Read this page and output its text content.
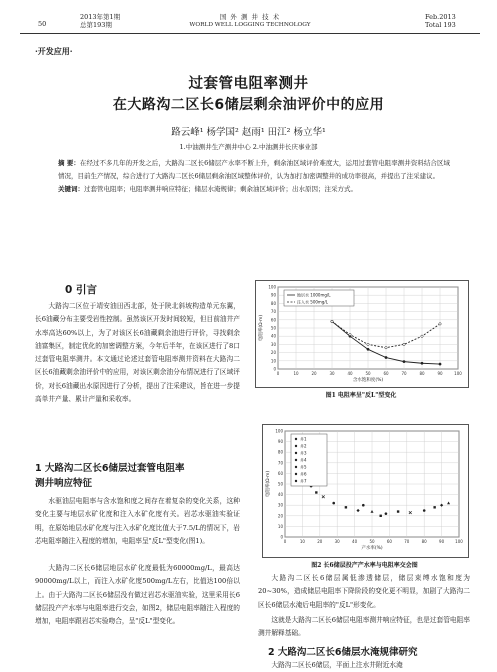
50
2013年第1期
总第193期
国 外 测 井 技 术
WORLD WELL LOGGING TECHNOLOGY
Feb.2013
Total 193
·开发应用·
过套管电阻率测井
在大路沟二区长6储层剩余油评价中的应用
路云峰¹ 杨学国² 赵雨¹ 田江² 杨立华¹
1.中油测井生产测井中心 2.中油测井长庆事业部
摘 要：在经过不多几年的开发之后，大路沟二区长6储层产水率不断上升，剩余油区域评价难度大，运用过套管电阻率测井资料结合区域情况，目前生产情况，综合进行了大路沟二区长6储层剩余油区域整体评价，认为加打加密调整井的成功率很高，并提出了注采建议。
关键词：过套管电阻率；电阻率测井响应特征；储层水淹规律；剩余油区域评价；出水原因；注采方式。
0 引言
大路沟二区位于靖安油田西北部，处于陕北斜坡构造单元东翼，长6油藏分布主要受岩性控制。虽然该区开发时间较短，但目前油井产水率高达60%以上，为了对该区长6油藏剩余油进行评价，寻找剩余油富集区，制定优化的加密调整方案，今年后半年，在该区进行了8口过套管电阻率测井。本文通过论述过套管电阻率测井资料在大路沟二区长6油藏剩余油评价中的应用，对该区剩余油分布情况进行了区域评价，对长6油藏出水原因进行了分析，提出了注采建议，旨在进一步提高单井产量、累计产量和采收率。
1 大路沟二区长6储层过套管电阻率
测井响应特征
水驱油层电阻率与含水饱和度之间存在着复杂的变化关系，这种变化主要与地层水矿化度和注入水矿化度有关。岩芯水驱油实验证明，在原始地层水矿化度与注入水矿化度比值大于7.5/L的情况下，岩芯电阻率随注入程度的增加，电阻率呈"反L"型变化(图1)。
大路沟二区长6储层地层水矿化度最低为60000mg/L，最高达90000mg/L以上，而注入水矿化度500mg/L左右，比值达100倍以上。由于大路沟二区长6储层没有做过岩芯水驱油实验，这里采用长6储层投产产水率与电阻率进行交会，如图2，储层电阻率随注入程度的增加，电阻率跟岩芯实验吻合，呈"反L"型变化。
0	10	20	30	40	50	60	70	80	90	100
0
10
20
30
40
50
60
70
80
90
100
含水饱和度(%)
电阻率(Ω·m)
地层水 1000mg/L
注入水 500mg/L
图1 电阻率呈"反L"型变化
0	10	20	30	40	50	60	70	80	90	100
0
10
20
30
40
50
60
70
80
90
100
产水率(%)
电阻率(Ω·m)
井1
井2
井3
井4
井5
井6
井7
图2 长6储层投产产水率与电阻率交会图
大路沟二区长6储层属低渗透储层，储层束缚水饱和度为20~30%，造成储层电阻率下降阶段的变化更不明显，加剧了大路沟二区长6储层水淹后电阻率的"反L"形变化。
这就是大路沟二区长6储层电阻率测井响应特征，也是过套管电阻率测井解释基础。
2 大路沟二区长6储层水淹规律研究
大路沟二区长6储层，平面上注水井附近水淹
